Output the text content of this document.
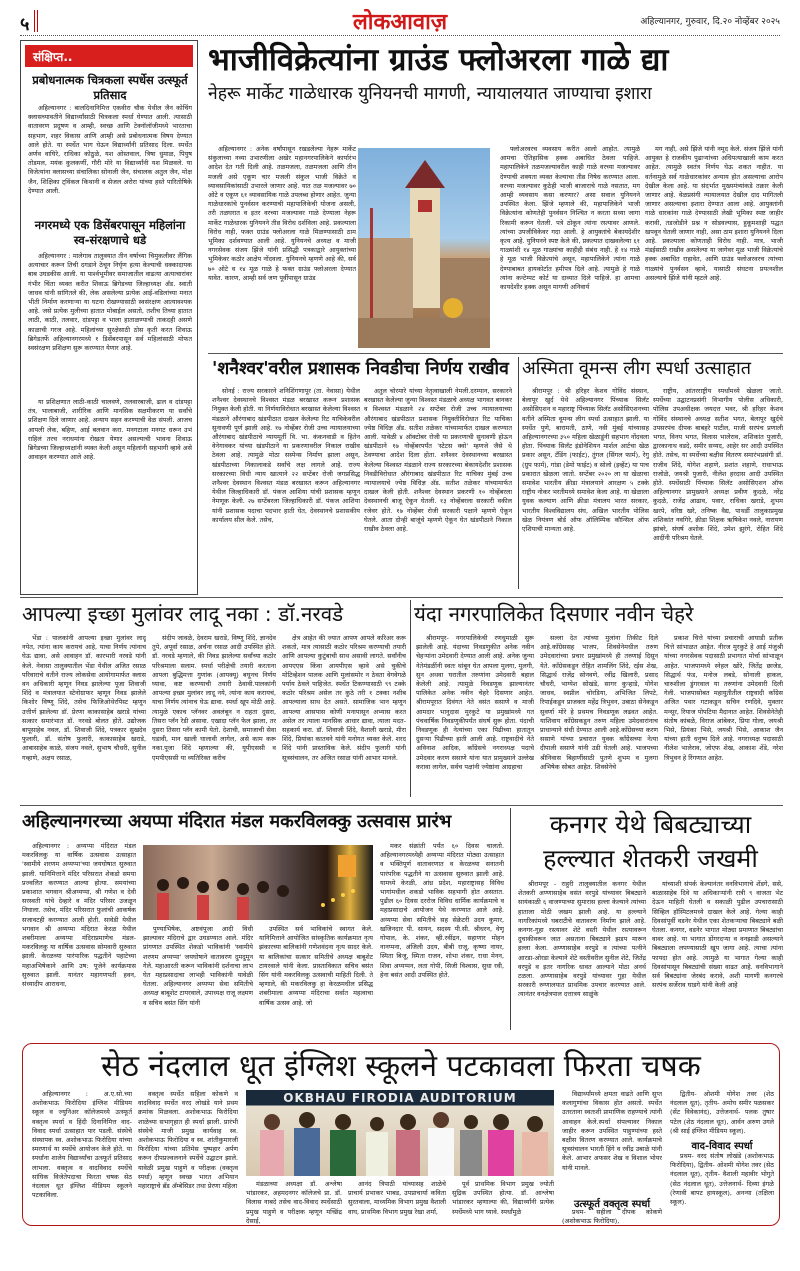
५	लोकआवाज़	अहिल्यानगर, गुरुवार, दि.२० नोव्हेंबर २०२५
संक्षिप्त..
प्रबोधनात्मक चित्रकला स्पर्धेस उत्स्फूर्त प्रतिसाद

अहिल्यानगर : बालदिनानिमित्त एकवीरा चौक येथील जैन कोचिंग क्लासच्यावतीने विद्यार्थ्यांसाठी चित्रकला स्पर्धा घेण्यात आली. त्यासाठी वातावरण प्रदूषण व आम्ही, स्वच्छ आणि टेक्नॉलॉजीमध्ये भारताचा सहभाग, शहर विकास आणि आम्ही असे प्रबोधनात्मक विषय देण्यात आले होते. या स्पर्धेत भाग घेऊन विद्यार्थ्यांनी प्रतिसाद दिला. स्पर्धेत अर्णव वाघिरे, राधिका कोठुळे, यश ओस्तवाल, त्रिषा धुमाळ, पियुष तोडमल, मयंक कुलकर्णी, गौरी मोरे या विद्यार्थ्यांनी यश मिळवले. या विजेत्यांना क्लासच्या संचालिका सोनाली जैन, संचालक अतुल जैन, मोक्ष जैन, शिक्षिका ट्विंकल किथानी व सेजल अरोरा यांच्या हस्ते पारितोषिके देण्यात आली.

नगरमध्ये एक डिसेंबरपासून महिलांना स्व-संरक्षणाचे धडे

अहिल्यानगर : मालेगाव तालुक्यात तीन वर्षाच्या चिमुकलीवर लैंगिक अत्याचार करून तिची दगडाने ठेचून निर्घृण हत्या केल्याची धक्कादायक बाब उघडकीस आली. या पार्श्वभूमीवर समाजातील वाढत्या अत्याचारांवर गंभीर चिंता व्यक्त करीत शिवाऊ ब्रिगेडच्या जिल्हाध्यक्ष अ‍ॅड. स्वाती जाधव यांनी सांगितले की, लेक असलेल्या प्रत्येक आई-वडिलांच्या मनात भीती निर्माण करणाऱ्या या घटना रोखण्यासाठी स्वसंरक्षण आत्यावश्यक आहे. जसे प्रत्येक मुलीच्या हातात मोबाईल असतो, तशीच तिच्या हातात लाठी, काठी, तलवार, दांडपट्टा व भाला हाताळण्याची ताकदही असणे काळाची गरज आहे. महिलांच्या सुरक्षेसाठी ठोस कृती करत शिवाऊ ब्रिगेडतर्फे अहिल्यानगरमध्ये १ डिसेंबरपासून सर्व महिलांसाठी मोफत स्वसंरक्षण प्रशिक्षण सुरू करण्यात येणार आहे.

या प्रशिक्षणात लाठी-काठी चालवणे, तलवारबाजी, ढाल व दांडपट्टा तंत्र, भालाबाजी, शारीरिक आणि मानसिक सक्षमीकरण या सर्वांचे प्रशिक्षण दिले जाणार आहे. अन्याय सहन करण्याची वेळ संपली. आजच आपली लेक, बहिण, आई बलवान करा. मनगटाला मनगट धरून उभं राहिलं तरच नराधमांना रोखता येणार असल्याची भावना शिवाऊ ब्रिगेडच्या जिल्हाध्यक्षांनी व्यक्त केली असून महिलांनी सहभागी व्हावे असे आवाहन करण्यात आले आहे.

भाजीविक्रेत्यांना ग्राउंड फ्लोअरला गाळे द्या
नेहरू मार्केट गाळेधारक युनियनची मागणी, न्यायालयात जाण्याचा इशारा

अहिल्यानगर : अनेक वर्षांपासून रखडलेल्या नेहरू मार्केट संकुलाच्या नव्या उभारणीला अखेर महानगरपालिकेने कार्यारंभ आदेश देत गती दिली आहे. तळमजला, तळमजला आणि तीन मजली असे एकूण चार मजली संकुल भाजी विक्रेते व व्यावसायिकांसाठी उभारले जाणार आहे. यात तळ मजल्यावर ७० ओटे व एकूण ६१ व्यावसायिक गाळे उपलब्ध होणार आहेत. जुन्या गाळेधारकांचे पुनर्वसन करण्याची महापालिकेची योजना असली, तरी तळघरात व इतर वरच्या मजल्यावर गाळे देण्याला नेहरू मार्केट गाळेधारक युनियनने तीव्र विरोध दर्शविला आहे. प्रकल्पाला विरोध नाही, फक्त ग्राउंड फ्लोअरला गाळे मिळण्यासाठी ठाम भूमिका दर्शवण्यात आली आहे. युनियनचे अध्यक्ष व माजी नगरसेवक संजय झिंजे यांनी प्रसिद्धी पत्रकाद्वारे आयुक्तांच्या भूमिकेवर कठोर आक्षेप नोंदवला. युनियनचे म्हणणे आहे की, सर्व ७० ओटे व १४ मूळ गाळे हे फक्त ग्राउंड फ्लोअरला देण्यात यावेत. कारण, आम्ही सर्व जण पूर्वीपासून ग्राउंड

फ्लोअरवरच व्यवसाय करीत आलो आहोत. त्यामुळे आमचा ऐतिहासिक हक्क अबाधित ठेवला पाहिजे. महापालिकेने तळमजल्यावरील काही गाळे वरच्या मजल्यावर देण्याची शक्यता व्यक्त केल्याचा तीव्र निषेध करण्यात आला. वरच्या मजल्यावर कुठेही भाजी बाजाराचे गाळे नसतात, मग आम्ही व्यवसाय कसा करणार? असा सवाल युनियनने उपस्थित केला. झिंजे म्हणाले की, महापालिकेने भाजी विक्रेत्यांना कोणतेही पुनर्वसन निश्चित न करता सध्या जागा रिकामी करून घेतली. पत्रे ठोकून त्यांना रस्त्यावर आणले. त्यांच्या उपजीविकेवर गदा आली. हे आयुक्तांचे बेकायदेशीर कृत्य आहे. युनियनने स्पष्ट केले की, प्रकल्पात दाखवलेल्या ६१ गाळ्यांशी १४ मूळ गाळ्यांचा काहीही संबंध नाही. हे १४ गाळे हे मूळ भाजी विक्रेत्यांचे असून, महापालिकेने त्यांना गाळे देण्याबाबत हायकोर्टात हमीपत्र दिले आहे. त्यामुळे हे गाळे त्यांना कन्टेम्पट कोर्ट या दाव्यात दिले पाहिजे. हा आमचा कायदेशीर हक्क असून मागणी अनिवार्य

मग नाही, असे झिंजे यांनी नमूद केले. संजय झिंजे यांनी आयुक्त हे राजकीय पुढाऱ्यांच्या अधिपत्याखाली काम करत आहेत. त्यामुळे स्वतंत्र निर्णय घेऊ शकत नाहीत. या वर्तनामुळे सर्व गाळेधारकांवर अन्याय होत असल्याचा आरोप देखील केला आहे. या संदर्भात मुख्यमंत्र्यांकडे तक्रार केली जाणार आहे. वेळप्रसंगी न्यायालयात देखील दाद मागितली जाणार असल्याचा इशारा देण्यात आला आहे. आयुक्तांनी गाळे धारकांना गाळे देण्यासाठी लेखी भूमिका स्पष्ट जाहीर करावी, तडजोडीने प्रश्न न सोडवल्यास, हुकूमशाही पद्धत खपवून घेतली जाणार नाही, असा ठाम इशारा युनियनने दिला आहे. प्रकल्पाला कोणताही विरोध नाही. मात्र, भाजी मंडईसाठी राखीव असलेल्या या जागेवर मूळ भाजी विक्रेत्यांचे हक्क अबाधित राहावेत, आणि ग्राउंड फ्लोअरवरच त्यांच्या गाळ्यांचे पुनर्वसन व्हावे, यासाठी संघटना प्रयत्नशील असल्याचे झिंजे यांनी म्हटले आहे.

'शनैश्वर'वरील प्रशासक निवडीचा निर्णय राखीव

सोनई : राज्य सरकारने शनिशिंगणापूर (ता. नेवासा) येथील शनैश्वर देवस्थानचे विश्वस्त मंडळ बरखास्त करून प्रशासक नियुक्त केली होती. या निर्णयाविरोधात बरखास्त केलेल्या विश्वस्त मंडळाने औरंगाबाद खंडपीठात दाखल केलेल्या रिट याचिकेवरील सुनावणी पूर्ण झाली आहे. १७ नोव्हेंबर रोजी उच्च न्यायालयाच्या औरंगाबाद खंडपीठाचे न्यायमूर्ती वि. भा. कंकनवाडी व हितेन वेनेगावकर यांच्या खंडपीठाने या प्रकरणावरील निकाल राखीव ठेवला आहे. त्यामुळे मोठा सस्पेन्स निर्माण झाला असून, खंडपीठाच्या निकालाकडे सर्वांचे लक्ष लागले आहे. राज्य सरकारच्या विधी न्याय खात्याने २२ सप्टेंबर रोजी जगप्रसिद्ध शनैश्वर देवस्थान विश्वस्त मंडळ बरखास्त करून अहिल्यानगर येथील जिल्हाधिकारी डॉ. पंकज आशिया यांची प्रशासक म्हणून नेमणूक केली. २७ सप्टेंबरला जिल्हाधिकारी डॉ. पंकज आशिया यांनी प्रशासक पदाचा पदभार हाती घेत, देवस्थानचे प्रशासकीय कार्यालय सील केले. तसेच,

अतुल चोरमारे यांच्या नेतृत्वाखाली नेमली.दरम्यान, सरकारने बरखास्त केलेल्या जुन्या विश्वस्त मंडळाचे अध्यक्ष भागवत बानकर व विश्वस्त मंडळाने २४ सप्टेंबर रोजी उच्च न्यायालयाच्या औरंगाबाद खंडपीठात प्रशासक नियुक्तीविरोधात रिट याचिका ज्येष्ठ विधिज्ञ अ‍ॅड. सतीश तळेकर यांच्यामार्फत दाखल करण्यात आली. यावेळी ४ ऑक्टोबर रोजी या प्रकरणाची सुनावणी होऊन खंडपीठाने १७ नोव्हेंबरपर्यंत 'स्टेटस क्वो' म्हणजे जैसे थे ठेवण्याचा आदेश दिला होता. शनैश्वर देवस्थानच्या बरखास्त केलेल्या विश्वस्त मंडळाने राज्य सरकारच्या बेकायदेशीर प्रशासक निवडीविरोधात औरंगाबाद खंडपीठात रिट याचिका मुंबई उच्च न्यायालयाचे ज्येष्ठ विधिज्ञ अ‍ॅड. सतीश तळेकर यांच्यामार्फत दाखल केली होती. शनैश्वर देवस्थान प्रकरणी १० नोव्हेंबरला देवस्थानची बाजू ऐकून घेतली. १३ नोव्हेंबरला सरकारी वकील रजेवर होते. १७ नोव्हेंबर रोजी सरकारी पक्षाने म्हणणे ऐकून घेतले. आता दोन्ही बाजूंचे म्हणणे ऐकून घेत खंडपीठाने निकाल राखीव ठेवला आहे.

अस्मिता वूमन्स लीग स्पर्धा उत्साहात

श्रीरामपूर : श्री हरिहर केशव गोविंद संस्थान, बेलापूर खुर्द येथे अहिल्यानगर पिंच्याक सिलॅट असोसिएशन व महाराष्ट्र पिंच्याक सिलॅट असोसिएशनच्या वतीने अस्मिता वूमन्स लीग स्पर्धा उत्साहात झाली. या स्पर्धेत पुणे, बारामती, ठाणे, नवी मुंबई यांच्यासह अहिल्यानगरच्या ३५० महिला खेळाडूंनी सहभाग नोंदवला होता. पिंच्याक सिलॅट इंडोनेशियन मार्शल आर्टचा खेळ प्रकार असून, टॅंडिंग (फाईट), तुंगल (सिंगल फार्म), रेगु (ग्रुप फार्म), गांडा (डेमो फाईट) व सोलो (इव्हेंट) या पाच प्रकारात खेळला जातो. सप्टेंबर २०२० ला या खेळाचा समावेश भारतीय क्रीडा मंत्रालयाने आरक्षण ५ टक्के राष्ट्रीय नोकर भरतीमध्ये समावेश केला आहे. या खेळाला युवक कल्याण आणि क्रीडा मंत्रालय भारत सरकार, भारतीय विश्वविद्यालय संघ, अखिल भारतीय पोलिस खेळ नियंत्रण बोर्ड ऑफ ऑलिम्पिक कौन्सिल ऑफ एशियाची मान्यता आहे.

राष्ट्रीय, आंतरराष्ट्रीय स्पर्धांमध्ये खेळला जातो. स्पर्धेच्या उद्घाटनप्रसंगी विभागीय पोलीस अधिकारी, पोलिस उपअधीक्षक जयदत्त भवर, श्री हरिहर केशव गोविंद संस्थानचे अध्यक्ष सतीश भगत, बेलापूर खुर्दचे उपसरपंच दीपक बाबहरे पाटील, माजी सरपंच प्रणाली भगत, विनय भगत, विलास भालेराव, शशिकांत पुजारी, द्वारकानाथ वडदे, समीर सय्यद, आहेर सर आदी उपस्थित होते. तसेच, या स्पर्धेच्या बक्षीस वितरण समारंभप्रसंगी डॉ. राजीव शिंदे, योगेश शहाणे, प्रशांत शहाणे, राधाभाऊ राजोळे, जयश्री पुजारी, नीलेश हरदास आदी उपस्थित होते. स्पर्धेसाठी पिंच्याक सिलॅट असोसिएशन ऑफ अहिल्यानगर प्रामुख्याने अध्यक्ष प्रवीण कुदळे, नरेंद्र कुदळे, राजेंद्र आढाव, पवार, राधिका खराडे, शुभम खरपे, वरिष्ठ खरे, तनिष्क वैद्य, पाथर्डी तालुकाप्रमुख शशिकांत नवगिरे, क्रीडा शिक्षक ऋषिकेश नवले, नारायण झांबरे, संघर्ष अशोक शिंदे, उमेश झुरंगे, रोहित शिंदे आदींनी परिश्रम घेतले.

आपल्या इच्छा मुलांवर लादू नका : डॉ.नरवडे

भेंडा : पालकांनी आपल्या इच्छा मुलांवर लादू नयेत, त्यांना काय करायचं आहे, याचा निर्णय त्यांनाच घेऊ द्यावा, असे आवाहन डॉ. कारभारी नरवडे यांनी केले. नेवासा तालुक्यातील भेंडा येथील अजित रसाळ परिवाराचे वतीने राज्य लोकसेवा आयोगामार्फत क्लास वन अधिकारी म्हणून निवड झालेल्या पूजा शिवाजी शिंदे व मंत्रालयात स्टेनोग्राफर म्हणून निवड झालेले किशोर विष्णू शिंदे, तसेच फिजिओथेरपिस्ट म्हणून उत्तीर्ण झालेल्या डॉ. प्रेरणा काकासाहेब खराडे यांच्या सत्कार समारंभात डॉ. नरवडे बोलत होते. उद्योजक बापूसाहेब नवल, डॉ. शिवाजी शिंदे, पत्रकार सुखदेव फुलारी, डॉ. संतोष फुलारी, काकासाहेब खराडे, आबासाहेब काळे, संजय नवले, सुभाष चौधरी, सुनील गव्हाणे, अक्षय रसाळ,

संदीप जावळे, देवराम खराडे, विष्णू शिंदे, ज्ञानदेव तुपे, अपूर्वा रसाळ, अर्चना रसाळ आदी उपस्थित होते. डॉ. नरवडे म्हणाले, की निवड झालेल्या सर्वांच्या कठोर परिश्रमाला सलाम. स्पर्धा परीक्षेची तयारी करताना आपला बुद्धिमत्ता गुणांक (आयक्यू) बघूनच निर्णय घ्यावा, कष्ट करण्याची तयारी ठेवावी.पालकांनी आपल्या इच्छा मुलांवर लादू नये, त्यांना काय करायचं, याचा निर्णय त्यांनाच घेऊ द्यावा. स्पर्धा खूप मोठी आहे. त्यामुळे एकाच प्लॅनवर अवलंबून न राहता दुसरा, तिसरा प्लॅन रेडी असावा. एखादा प्लॅन फेल झाला, तर दुसरा तिसरा प्लॅन कामी येतो. देशाची, समाजाची सेवा घडावी, मान खाली घालावी लागेल, असे काम करू नका.पूजा शिंदे म्हणाल्या की, यूपीएससी व एमपीएससी या व्यतिरिक्त करीच

क्षेत्र आहेत की ज्यात आपण आपले करिअर करू शकतो, मात्र त्यासाठी कठोर परिश्रम करण्याची तयारी आणि आपल्या कुटुंबाची साथ असावी लागते. सर्वांनीच आयएएस किंवा आयपीएस व्हावे असे चुकीचे मोटिव्हेशन पालक आणि मुलांसमोर न ठेवता वेगवेगळे पर्याय ठेवले पाहिजेत. स्पर्धेत टिकण्यासाठी ९९ टक्के कठोर परिश्रम असेल तर कुठे तरी १ टक्का नशीब आपल्याला साथ देत असते. सामाजिक भान म्हणून आपल्या आसपास कोणी मनापासून अभ्यास करत असेल तर त्याला मानसिक आधार द्यावा, त्याला मदत-सहकार्य करा. डॉ. शिवाजी शिंदे, वैशाली खराडे, मीरा शिंदे, प्रियांका कातवने यांनी मनोगत व्यक्त केले. शरद शिंदे यांनी प्रास्ताविक केले. संदीप फुलारी यांनी सूत्रसंचालन, तर अजित रसाळ यांनी आभार मानले.

यंदा नगरपालिकेत दिसणार नवीन चेहरे

श्रीरामपूर- नगरपालिकेची रणधुमाळी सुरू झालेली आहे. यंदाच्या निवडणुकीत अनेक नवीन चेहऱ्यांना उमेदवारी देण्यात आली आहे. अनेक जुन्या नेतेमंडळींनी स्वतः थांबून घेत आपला मुलगा, मुलगी, सुन अथवा घरातील तरुणांना उमेदवारी बहाल केलेली आहे. त्यामुळे निवडणूक झाल्यानंतर पालिकेत अनेक नवीन चेहरे दिसणार आहेत. श्रीरामपूरात दिवंगत नेते वसंत ससाणे व माजी आमदार भानुदास मुरकुटे या प्रमुखांमध्ये गत पंचवार्षिक निवडणुकीपर्यंत संघर्ष सुरू होता. यंदाची निवडणूक ही नेत्यांच्या एका पिढीच्या हातातून दुसऱ्या पिढीच्या हाती आली आहे. राष्ट्रवादीचे नेते अविनाश आदिक, काँग्रेसचे नगराध्यक्ष पदाचे उमेदवार करण ससाणे यांना यात प्रामुख्याने उल्लेख करावा लागेल, सर्वच पक्षांनी ज्येष्ठांना आग्रहाचा

सल्ला देत त्यांच्या मुलांना तिकीट दिले आहे.काँग्रेससह भाजप, शिवसेनेमधील तरुण उमेदवारांच्या प्रचार प्रमुखांमध्ये ही तरुणाई दिसून येते. काँग्रेसकडून रोहित शामलिंग शिंदे, रईस शेख, सिद्धार्थ राजेंद्र सोनवणे, रवींद्र खिलारी, प्रसाद चौधरी, भाग्येश सोखंडे, सागर कुऱ्हाडे, योगेश जाधव, स्वप्नील चोरडिया, अभिजित लिपटे, रिपाईकडून प्राजक्ता महेंद्र त्रिभुवन, उबाठा सेनेकडून सुवर्णा मोरे हे प्रथमच निवडणूक लढवत आहेत. याशिवाय काँग्रेसकडून तरुण महिला उमेदवारांनाच प्राधान्याने संधी देण्यात आली आहे.काँग्रेसच्या करण ससाणे यांच्या प्रचारात युवक काँग्रेसच्या नेत्या दीपाली ससाणे यांनी उडी घेतली आहे. भाजपच्या श्रीनिवास बिहाणींसाठी पुतणे शुभम व मुलगा अभिषेक सोबत आहेत. शिवसेनेचे

प्रकाश चित्ते यांच्या प्रचाराची आघाडी प्रतीक चित्ते सांभाळत आहेत. नीरज मुरकुटे हे आई मंजुश्री यांच्या नगरसेवक पदासाठी प्रभागात मोर्चा सांभाळून आहेत. भाजपामध्ये स्नेहल खोरे, जितेंद्र छाजेड, सिद्धार्थ फंड, मनोज लबडे, सोनाली हाकल, चारुशीला डुंगरवाल या तरुणांना उमेदवारी दिली गेली. भाजपासोबत महायुतीतील राष्ट्रवादी काँग्रेस अजित पवार गटाकडून सचिन रणदिवे, मुक्तार मन्सूर, रियाज पोपटिया मैदानात आहेत. शिवसेनेतेही संतोष कांबळे, विराज आंबेकर, प्रिया गोला, जयश्री भिसे, प्रियंका भिसे, जयश्री भिसे, आकाश जैन यांच्या हाती धनुष्य दिले आहे. नगराध्यक्ष पदासाठी नीलेश भालेराव, जोएफ शेख, आकाश शेंडे, नरेश त्रिभुवन हे रिंगणात आहेत.

अहिल्यानगरच्या अयप्पा मंदिरात मंडल मकरविलक्कु उत्सवास प्रारंभ

अहिल्यानगर : अय्यप्पा मंदिरात मंडल मकरविलकु या वार्षिक उत्सवास उत्साहात 'स्वामीये शरणम अय्यप्पा'च्या जयघोषात सुरुवात झाली. यानिमित्ताने मंदिर परिसरात शेकडो समया प्रज्वलित करण्यात आल्या होत्या. समयांच्या प्रकाशात भगवान श्रीअय्यप्पा, श्री गणेश व देवी सरस्वती यांचे देव्हारे व मंदिर परिसर उजळून निघाला. तसेच, मंदिर परिसरात फुलांची आकर्षक सजावटही करण्यात आली होती. सावेडी येथील भगवान श्री अय्यप्पा मंदिरात केरळ येथील शबरीमाला अय्यप्पा मंदिराप्रमाणेच मंडल- मकरविलकु या वार्षिक उत्सवास सोमवारी सुरुवात झाली. केरळच्या पारंपारिक पद्धतीने पहाटेच्या महाअभिषेकाने आणि उष: पूजेने कार्यक्रमास सुरुवात झाली. यानंतर महागणपती हवन, संध्यादीप आराधना,

पुण्याभिषेक, अष्टवंपूजा आदी विधी झाल्यावर मंदिराचे द्वार उघडण्यात आले. मंदिर प्रांगणात उपस्थित शेकडो भाविकांनी 'स्वामीये शरणम अय्यप्पा' जयघोषाने वातावरण दुमदुमून गेले. महाआरती करून भाविकांनी दर्शनाचा लाभ घेत महाप्रसादाचा लाभही भाविकांनी यावेळी घेतला. अहिल्यानगर अय्यप्पा सेवा समितीचे अध्यक्ष बाबूशेट टायरवाले, उपाध्यक्ष राजू लक्ष्मण व सचिव बसंत सिंग यांनी

उपस्थित सर्व भाविकांचे स्वागत केले. यानिमित्ताने आयोजित सांस्कृतिक कार्यक्रमात नृत्य झंकारच्या बालिकांनी गणेशवंदना नृत्य सादर केले. या बालिकांचा सत्कार समितीचे अध्यक्ष बाबूशेट टायरवाले यांनी केला. प्रास्ताविकात सचिव बसंत सिंग यांनी मकरविलकु उत्सवाची माहिती दिली. ते म्हणाले, की मकरविलकु हा केरळमधील प्रसिद्ध शबरीमाला अय्यप्पा मंदिराचा सर्वात महत्वाचा वार्षिक उत्सव आहे. जो

मकर संक्रांती पर्यंत ६० दिवस चालतो. अहिल्यानगरमध्येही अय्यप्पा मंदिरात मोठ्या उत्साहात व भक्तिपूर्ण वातावरणात व केरळच्या सनातनी पारंपरिक पद्धतीने या उत्सवास सुरुवात झाली आहे. यामध्ये केरळी, आंध्र प्रदेश, महाराष्ट्रासह विविध भागांमधील शकडो भाविक सहभागी होत असतात. पुढील ६० दिवस दररोज विविध धार्मिक कार्यक्रमाचे व महाप्रसादाचे आयोजन येथे करण्यात आले आहे. अय्यप्पा सेवा समितीचे सह सेक्रेटरी उदय कुमार, खजिनदार पी. सायन, सदस्य पी.सी. श्रीधरन, वेणू गोपाल, के. शंकर, व्ही.रवींद्रन, सहाणार मोहन नानप्पना, अंजिली उदय, बीबी राजू, कृष्णा नायर, स्मिता बिजू, स्मिता राजन, शोभा शंकर, राधा मेनन, शिवा अय्यप्पन, लता गोपी, सिजी विश्वास, सुधा रवी, हेना बसंत आदी उपस्थित होते.

कनगर येथे बिबट्याच्या
हल्ल्यात शेतकरी जखमी

श्रीरामपूर - राहुरी तालुक्यातील कनगर येथील शेतकरी अण्णासाहेब वसंत वरपुडे यांच्यावर बिबट्याने सायंकाळी ६ वाजण्याच्या सुमारास हल्ला केल्याने त्यांच्या हाताला मोठी जखम झाली आहे. या हल्ल्याने नागरिकांमध्ये घबराटीचे वातावरण निर्माण झाले आहे. कनगर-गुहा रस्त्यावर शेटे वस्ती येथील रस्त्यावरून दुचाकीवरून जात असताना बिबट्याने झडप मारून हल्ला केला. अण्णासाहेब वरपुडे व त्यांच्या पत्नीने आरडा-ओरडा केल्याने शेटे वस्तीवरील सुनील शेटे, जितेंद्र वरपुडे व इतर नागरिक धावत आल्याने मोठा अनर्थ टळला. अण्णासाहेब वरपुडे यांच्यावर गुहा येथील सरकारी रुग्णालयात प्राथमिक उपचार करण्यात आले. त्यानंतर वनक्षेत्रपाल दत्तात्रय साळुंके

यांच्याशी संपर्क केल्यानंतर वनविभागाचे शेंडगे, ससे, बाळासाहेब दिवे या अधिकाऱ्यांनी रात्री ९ वाजता भेट देऊन माहिती घेतली व सकाळी पुढील उपचारासाठी सिव्हिल हॉस्पिटलमध्ये दाखल केले आहे. गेल्या काही दिवसांपूर्वी वडनेर येथील एका शेतकऱ्याचा बिबट्याने बळी घेतला. कनगर, वडनेर भागात मोठ्या प्रमाणात बिबट्यांचा वावर आहे. या भागात डोंगरदऱ्या व वनझाडी असल्याने बिबट्याला लपण्यासाठी खूप जागा आहे. त्याचा त्यांना फायदा होत आहे. त्यामुळे या भागात गेल्या काही दिवसांपासून बिबट्यांची संख्या वाढत आहे. वनविभागाने सर्व बिबट्यांना जेरबंद करावे, अशी मागणी कनगरचे सरपंच सर्जेराव घाडगे यांनी केली आहे

सेठ नंदलाल धूत इंग्लिश स्कूलने पटकावला फिरता चषक

अहिल्यानगर : अ.ए.सो.च्या अशोकभाऊ फिरोदिया इंग्लिश मीडियम स्कूल व ज्युनिअर कॉलेजमध्ये उत्स्फूर्त वक्तृत्व स्पर्धा व हिंदी दिनानिमित्त वाद-विवाद स्पर्धा उत्साहात पार पडली. संस्थेचे संस्थापक स्व. अशोकभाऊ फिरोदिया यांच्या स्मरणार्थ या स्पर्धेचे आयोजन केले होते. या स्पर्धांना शालेय विद्यार्थ्यांचा उत्स्फूर्त प्रतिसाद लाभला. वक्तृत्व व वादविवाद स्पर्धेचे सांघिक विजेतेपदाचा फिरता चषक सेठ नंदलाल धूत इंग्लिश मीडियम स्कूलने पटकाविला.

वक्तृत्व स्पर्धेत सहिला कोकणे व वादविवाद स्पर्धेत वरद लोखंडे याने प्रथम क्रमांक मिळवला. अशोकभाऊ फिरोदिया शाळेच्या सभागृहात ही स्पर्धा झाली. प्रारंभी संस्थेचे माजी प्रमुख कार्यवाह स्व. अशोकभाऊ फिरोदिया व स्व. शांतीकुमारजी फिरोदिया यांच्या प्रतिमेस पुष्पहार अर्पण करून दीपप्रज्वलनाने स्पर्धेचे उद्घाटन झाले. यावेळी प्रमुख पाहुणे व परीक्षक (वक्तृत्व स्पर्धा) म्हणून स्वच्छ भारत अभियान महाराष्ट्राचे ब्रँड अ‍ॅम्बेसिडर तथा प्रेरणा महिला

OKBHAU FIRODIA AUDITORIUM

मंडळाच्या अध्यक्षा डॉ. अश्लेषा भांडारकर, अहमदनगर कॉलेजचे प्रा. डॉ. विलास नाबदे तसेच वाद-विवाद स्पर्धेसाठी प्रमुख पाहुणे व परीक्षक म्हणून मच्छिंद्र देसाई,

आनंद त्रिपाठी यांच्यासह शाळेचे प्राचार्य प्रभाकर भाबड, उपप्राचार्या कविता सुरतवाला, माध्यमिक विभाग प्रमुख वैशाली वाघ, प्राथमिक विभाग प्रमुख रेखा शर्मा,

पूर्व प्राथमिक विभाग प्रमुख ज्योती सुद्रिक उपस्थित होत्या. डॉ. आश्लेषा भांडारकर म्हणाल्या की, विद्यार्थ्यांनी प्रत्येक स्पर्धेमध्ये भाग घ्यावे. स्पर्धांमुळे

विद्यार्थ्यांमध्ये क्षमता वाढते आणि सुप्त कलागुणांचा विकास होत असतो. स्पर्धेत उतरताना स्वतःशी प्रामाणिक राहण्याचे त्यांनी आवाहन केले.स्पर्धा संपल्यावर निकाल जाहीर करून उपस्थित पाहुण्यांच्या हस्ते बक्षीस वितरण करण्यात आले. कार्यक्रमाचे सूत्रसंचालन भारती हिंगे व रवींद्र उबाळे यांनी केले. आभार अफसर शेख व विशाल भोयर यांनी मानले.

उत्स्फूर्त वक्तृत्व स्पर्धा

प्रथम- सहीला दीपक कोकणे (अशोकभाऊ फिरोदिया),

द्वितीय- ओशमी योगेश तवर (शेठ नंदलाल धूत), तृतीय- अमोघ समीर पळसकर (सेंट विवेकानंद), उत्तेजनार्थ- पलक तुषार पटेल (शेठ नंदलाल धूत), आर्वन अरुण उगले (श्री साई इंग्लिश मीडियम स्कूल).

वाद-विवाद स्पर्धा

प्रथम- वरद संतोष लोखंडे (अशोकभाऊ फिरोदिया), द्वितीय- ओशमी योगेश तवर (सेठ नंदलाल धूत), तृतीय- वैशाली महावीर भोगुते (सेठ नंदलाल धूत), उत्तेजनार्थ- दिव्या इंगळे (रेणावी बापट हायस्कूल), अनन्या (तक्षिला स्कूल).
